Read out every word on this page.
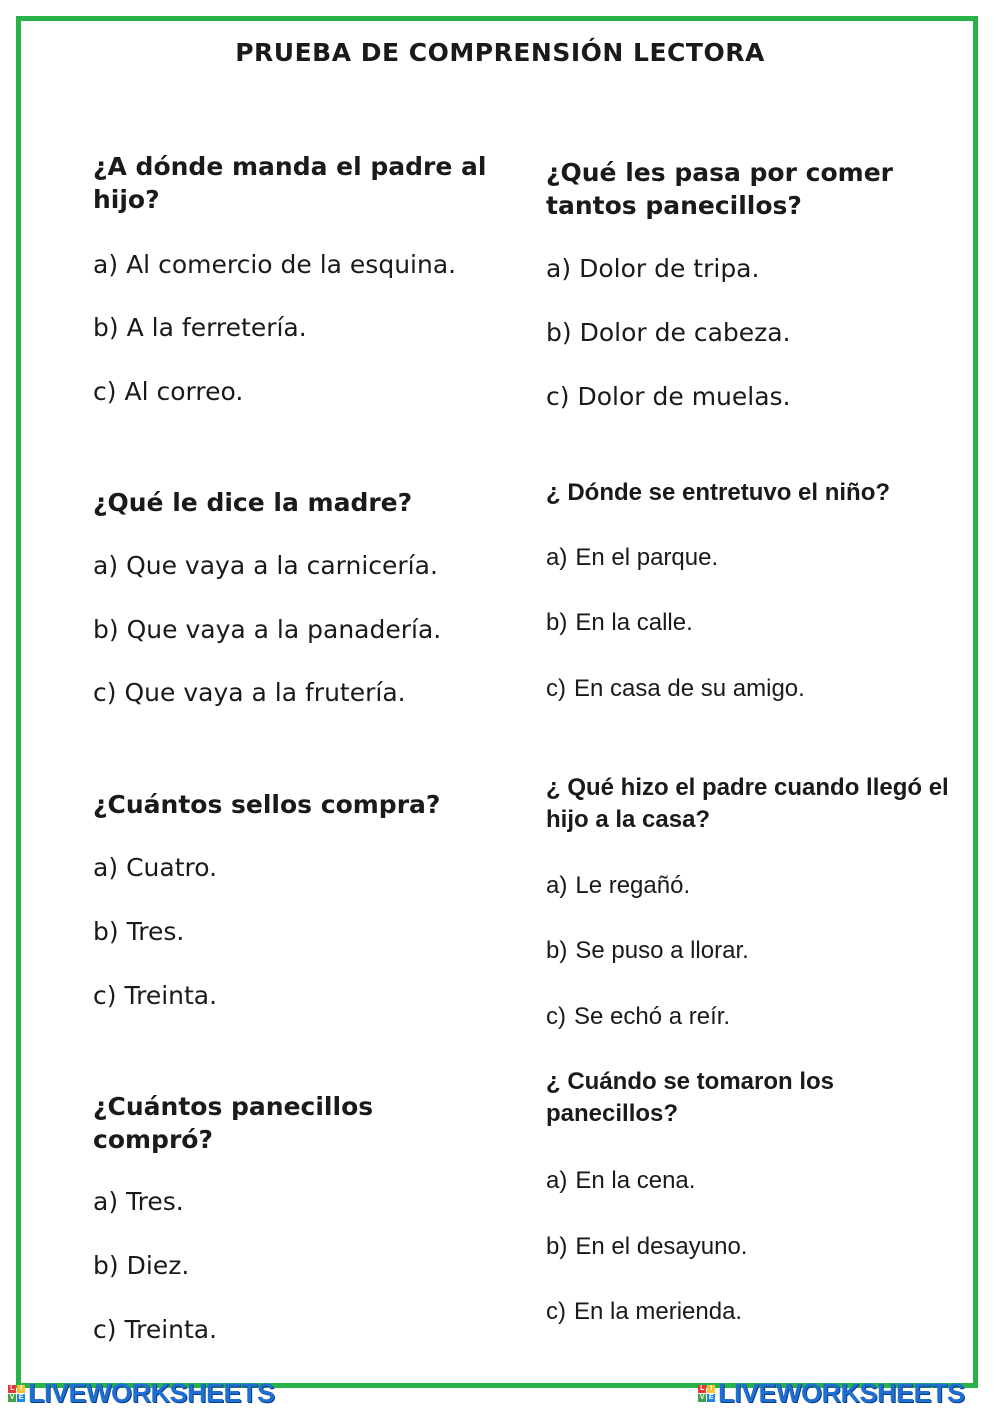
PRUEBA DE COMPRENSIÓN LECTORA
¿A dónde manda el padre al hijo?
a) Al comercio de la esquina.
b) A la ferretería.
c) Al correo.
¿Qué le dice la madre?
a) Que vaya a la carnicería.
b) Que vaya a la panadería.
c) Que vaya a la frutería.
¿Cuántos sellos compra?
a) Cuatro.
b) Tres.
c) Treinta.
¿Cuántos panecillos compró?
a) Tres.
b) Diez.
c) Treinta.
¿Qué les pasa por comer tantos panecillos?
a) Dolor de tripa.
b) Dolor de cabeza.
c) Dolor de muelas.
¿ Dónde se entretuvo el niño?
a) En el parque.
b) En la calle.
c) En casa de su amigo.
¿ Qué hizo el padre cuando llegó el hijo a la casa?
a) Le regañó.
b) Se puso a llorar.
c) Se echó a reír.
¿ Cuándo se tomaron los panecillos?
a) En la cena.
b) En el desayuno.
c) En la merienda.
L I
V E LIVEWORKSHEETS	L I
V E LIVEWORKSHEETS
